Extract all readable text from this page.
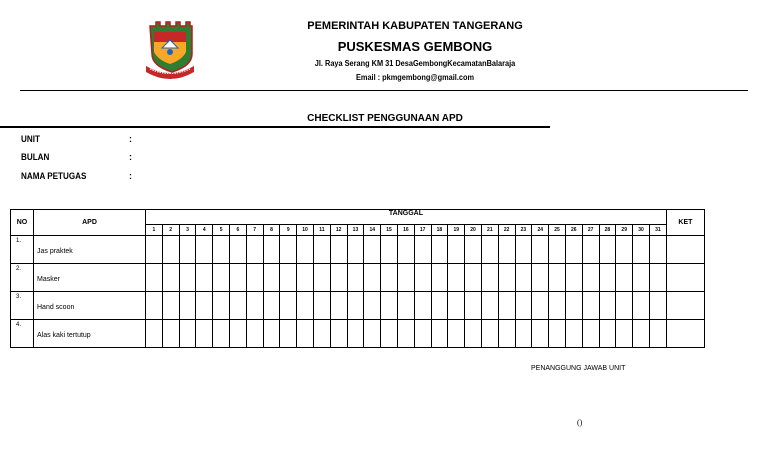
PEMERINTAH KABUPATEN TANGERANG
PUSKESMAS GEMBONG
Jl. Raya Serang KM 31 DesaGembongKecamatanBalaraja
Email : pkmgembong@gmail.com
CHECKLIST PENGGUNAAN APD
UNIT	:
BULAN	:
NAMA PETUGAS	:
NO	APD	TANGGAL																															KET
		1	2	3	4	5	6	7	8	9	10	11	12	13	14	15	16	17	18	19	20	21	22	23	24	25	26	27	28	29	30	31	
1.	Jas praktek																																
2.	Masker																																
3.	Hand scoon																																
4.	Alas kaki tertutup																																
PENANGGUNG JAWAB UNIT
()
